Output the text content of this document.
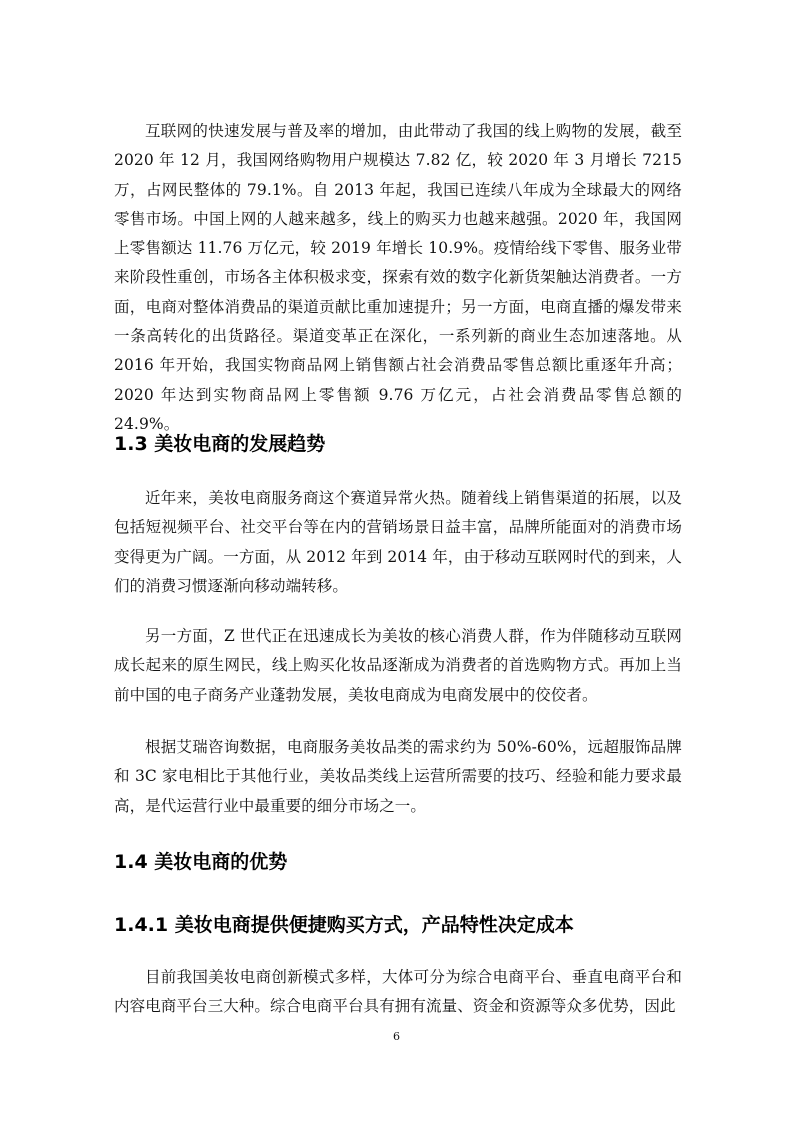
互联网的快速发展与普及率的增加，由此带动了我国的线上购物的发展，截至 2020 年 12 月，我国网络购物用户规模达 7.82 亿，较 2020 年 3 月增长 7215 万，占网民整体的 79.1%。自 2013 年起，我国已连续八年成为全球最大的网络零售市场。中国上网的人越来越多，线上的购买力也越来越强。2020 年，我国网上零售额达 11.76 万亿元，较 2019 年增长 10.9%。疫情给线下零售、服务业带来阶段性重创，市场各主体积极求变，探索有效的数字化新货架触达消费者。一方面，电商对整体消费品的渠道贡献比重加速提升；另一方面，电商直播的爆发带来一条高转化的出货路径。渠道变革正在深化，一系列新的商业生态加速落地。从 2016 年开始，我国实物商品网上销售额占社会消费品零售总额比重逐年升高；2020 年达到实物商品网上零售额 9.76 万亿元，占社会消费品零售总额的 24.9%。

1.3 美妆电商的发展趋势

近年来，美妆电商服务商这个赛道异常火热。随着线上销售渠道的拓展，以及包括短视频平台、社交平台等在内的营销场景日益丰富，品牌所能面对的消费市场变得更为广阔。一方面，从 2012 年到 2014 年，由于移动互联网时代的到来，人们的消费习惯逐渐向移动端转移。

另一方面，Z 世代正在迅速成长为美妆的核心消费人群，作为伴随移动互联网成长起来的原生网民，线上购买化妆品逐渐成为消费者的首选购物方式。再加上当前中国的电子商务产业蓬勃发展，美妆电商成为电商发展中的佼佼者。

根据艾瑞咨询数据，电商服务美妆品类的需求约为 50%-60%，远超服饰品牌和 3C 家电相比于其他行业，美妆品类线上运营所需要的技巧、经验和能力要求最高，是代运营行业中最重要的细分市场之一。

1.4 美妆电商的优势
1.4.1 美妆电商提供便捷购买方式，产品特性决定成本

目前我国美妆电商创新模式多样，大体可分为综合电商平台、垂直电商平台和内容电商平台三大种。综合电商平台具有拥有流量、资金和资源等众多优势，因此

6
